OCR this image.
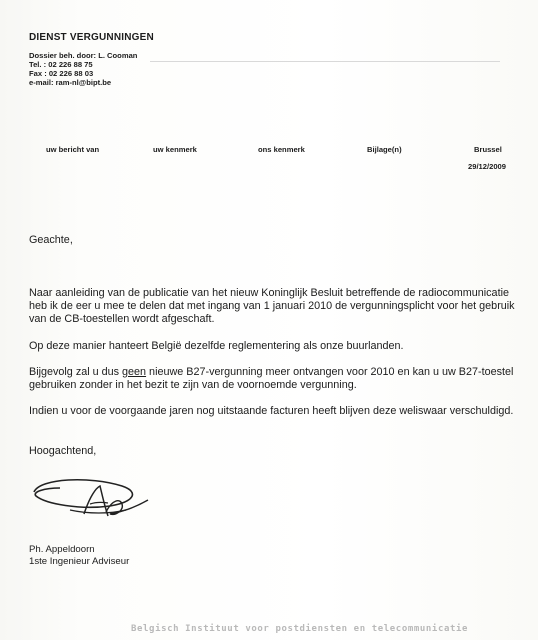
DIENST VERGUNNINGEN
Dossier beh. door: L. Cooman
Tel. : 02 226 88 75
Fax : 02 226 88 03
e-mail: ram-nl@bipt.be
uw bericht van	uw kenmerk	ons kenmerk	Bijlage(n)	Brussel
29/12/2009
Geachte,
Naar aanleiding van de publicatie van het nieuw Koninglijk Besluit betreffende de radiocommunicatie
heb ik de eer u mee te delen dat met ingang van 1 januari 2010 de vergunningsplicht voor het gebruik
van de CB-toestellen wordt afgeschaft.
Op deze manier hanteert België dezelfde reglementering als onze buurlanden.
Bijgevolg zal u dus geen nieuwe B27-vergunning meer ontvangen voor 2010 en kan u uw B27-toestel
gebruiken zonder in het bezit te zijn van de voornoemde vergunning.
Indien u voor de voorgaande jaren nog uitstaande facturen heeft blijven deze weliswaar verschuldigd.
Hoogachtend,
Ph. Appeldoorn
1ste Ingenieur Adviseur
Belgisch Instituut voor postdiensten en telecommunicatie
